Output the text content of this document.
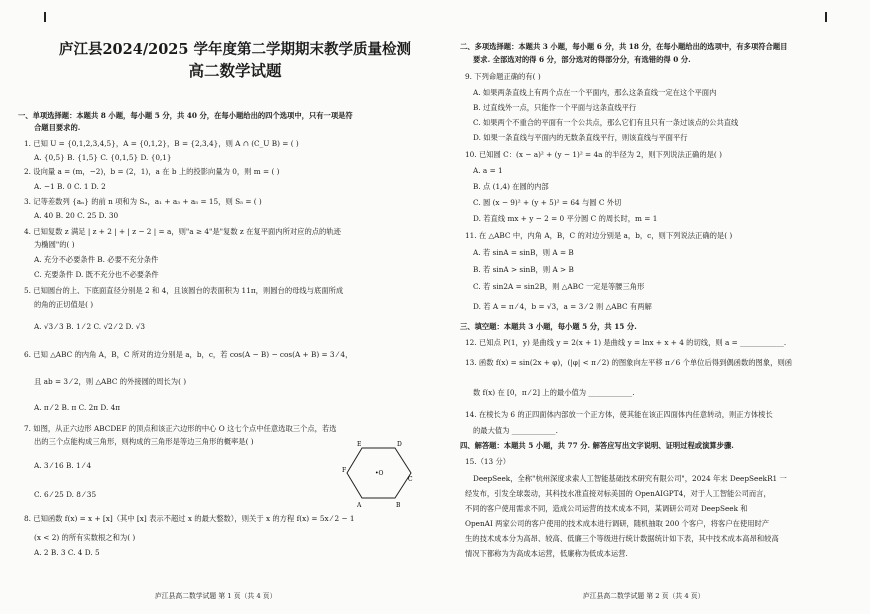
庐江县2024/2025 学年度第二学期期末教学质量检测
高二数学试题
一、单项选择题：本题共 8 小题，每小题 5 分，共 40 分，在每小题给出的四个选项中，只有一项是符
合题目要求的.
1. 已知 U = {0,1,2,3,4,5}，A = {0,1,2}，B = {2,3,4}，则 A ∩ (C_U B) = ( )
A. {0,5} B. {1,5} C. {0,1,5} D. {0,1}
2. 设向量 a = (m，−2)，b = (2，1)，a 在 b 上的投影向量为 0，则 m = ( )
A. −1 B. 0 C. 1 D. 2
3. 记等差数列 {aₙ} 的前 n 项和为 Sₙ，a₁ + a₃ + a₅ = 15，则 S₅ = ( )
A. 40 B. 20 C. 25 D. 30
4. 已知复数 z 满足 | z + 2 | + | z − 2 | = a，则"a ≥ 4"是"复数 z 在复平面内所对应的点的轨迹
为椭圆"的( )
A. 充分不必要条件 B. 必要不充分条件
C. 充要条件 D. 既不充分也不必要条件
5. 已知圆台的上、下底面直径分别是 2 和 4，且该圆台的表面积为 11π，则圆台的母线与底面所成
的角的正切值是( )
A. √3 ⁄ 3 B. 1 ⁄ 2 C. √2 ⁄ 2 D. √3
6. 已知 △ABC 的内角 A，B，C 所对的边分别是 a，b，c，若 cos(A − B) − cos(A + B) = 3 ⁄ 4，
且 ab = 3 ⁄ 2，则 △ABC 的外接圆的周长为( )
A. π ⁄ 2 B. π C. 2π D. 4π
7. 如图，从正六边形 ABCDEF 的顶点和该正六边形的中心 O 这七个点中任意选取三个点，若选
出的三个点能构成三角形，则构成的三角形是等边三角形的概率是( )
A. 3 ⁄ 16 B. 1 ⁄ 4
C. 6 ⁄ 25 D. 8 ⁄ 35
8. 已知函数 f(x) = x + [x]（其中 [x] 表示不超过 x 的最大整数），则关于 x 的方程 f(x) = 5x ⁄ 2 − 1
(x < 2) 的所有实数根之和为( )
A. 2 B. 3 C. 4 D. 5
E	D
F
C
•O
A	B
庐江县高二数学试题 第 1 页（共 4 页）
二、多项选择题：本题共 3 小题，每小题 6 分，共 18 分，在每小题给出的选项中，有多项符合题目
要求. 全部选对的得 6 分，部分选对的得部分分，有选错的得 0 分.
9. 下列命题正确的有( )
A. 如果两条直线上有两个点在一个平面内，那么这条直线一定在这个平面内
B. 过直线外一点，只能作一个平面与这条直线平行
C. 如果两个不重合的平面有一个公共点，那么它们有且只有一条过该点的公共直线
D. 如果一条直线与平面内的无数条直线平行，则该直线与平面平行
10. 已知圆 C：(x − a)² + (y − 1)² = 4a 的半径为 2，则下列说法正确的是( )
A. a = 1
B. 点 (1,4) 在圆的内部
C. 圆 (x − 9)² + (y + 5)² = 64 与圆 C 外切
D. 若直线 mx + y − 2 = 0 平分圆 C 的周长时，m = 1
11. 在 △ABC 中，内角 A，B，C 的对边分别是 a，b，c，则下列说法正确的是( )
A. 若 sinA = sinB，则 A = B
B. 若 sinA > sinB，则 A > B
C. 若 sin2A = sin2B，则 △ABC 一定是等腰三角形
D. 若 A = π ⁄ 4，b = √3，a = 3 ⁄ 2 则 △ABC 有两解
三、填空题：本题共 3 小题，每小题 5 分，共 15 分.
12. 已知点 P(1，y) 是曲线 y = 2(x + 1) 是曲线 y = lnx + x + 4 的切线，则 a = ____________.
13. 函数 f(x) = sin(2x + φ)，(|φ| < π ⁄ 2) 的图象向左平移 π ⁄ 6 个单位后得到偶函数的图象，则函
数 f(x) 在 [0，π ⁄ 2] 上的最小值为 ____________.
14. 在棱长为 6 的正四面体内部放一个正方体，使其能在该正四面体内任意转动，则正方体棱长
的最大值为 ____________.
四、解答题：本题共 5 小题，共 77 分. 解答应写出文字说明、证明过程或演算步骤.
15.（13 分）
DeepSeek，全称"杭州深度求索人工智能基础技术研究有限公司"，2024 年末 DeepSeekR1 一
经发布，引发全球轰动，其科技水准直接对标美国的 OpenAIGPT4，对于人工智能公司而言，
不同的客户使用需求不同，造成公司运营的技术成本不同，某调研公司对 DeepSeek 和
OpenAI 两家公司的客户使用的技术成本进行调研，随机抽取 200 个客户，将客户在使用时产
生的技术成本分为高昂、较高、低廉三个等级进行统计数据统计如下表，其中技术成本高昂和较高
情况下都称为为高成本运营，低廉称为低成本运营.
庐江县高二数学试题 第 2 页（共 4 页）
